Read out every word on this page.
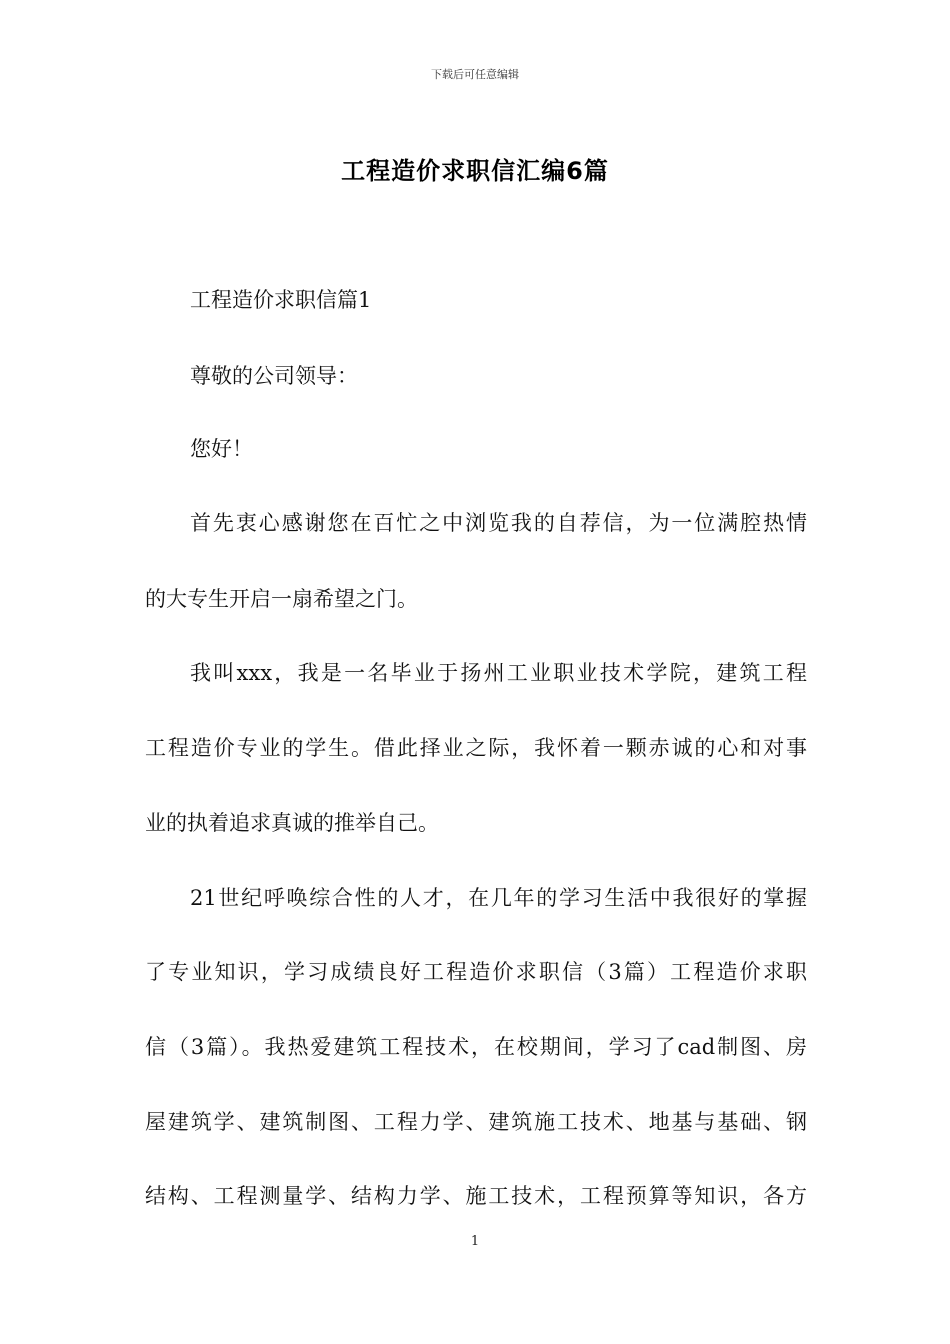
下载后可任意编辑
工程造价求职信汇编6篇
工程造价求职信篇1
尊敬的公司领导：
您好！
首先衷心感谢您在百忙之中浏览我的自荐信，为一位满腔热情
的大专生开启一扇希望之门。
我叫xxx，我是一名毕业于扬州工业职业技术学院，建筑工程
工程造价专业的学生。借此择业之际，我怀着一颗赤诚的心和对事
业的执着追求真诚的推举自己。
21世纪呼唤综合性的人才，在几年的学习生活中我很好的掌握
了专业知识，学习成绩良好工程造价求职信（3篇）工程造价求职
信（3篇）。我热爱建筑工程技术，在校期间，学习了cad制图、房
屋建筑学、建筑制图、工程力学、建筑施工技术、地基与基础、钢
结构、工程测量学、结构力学、施工技术，工程预算等知识，各方
1
